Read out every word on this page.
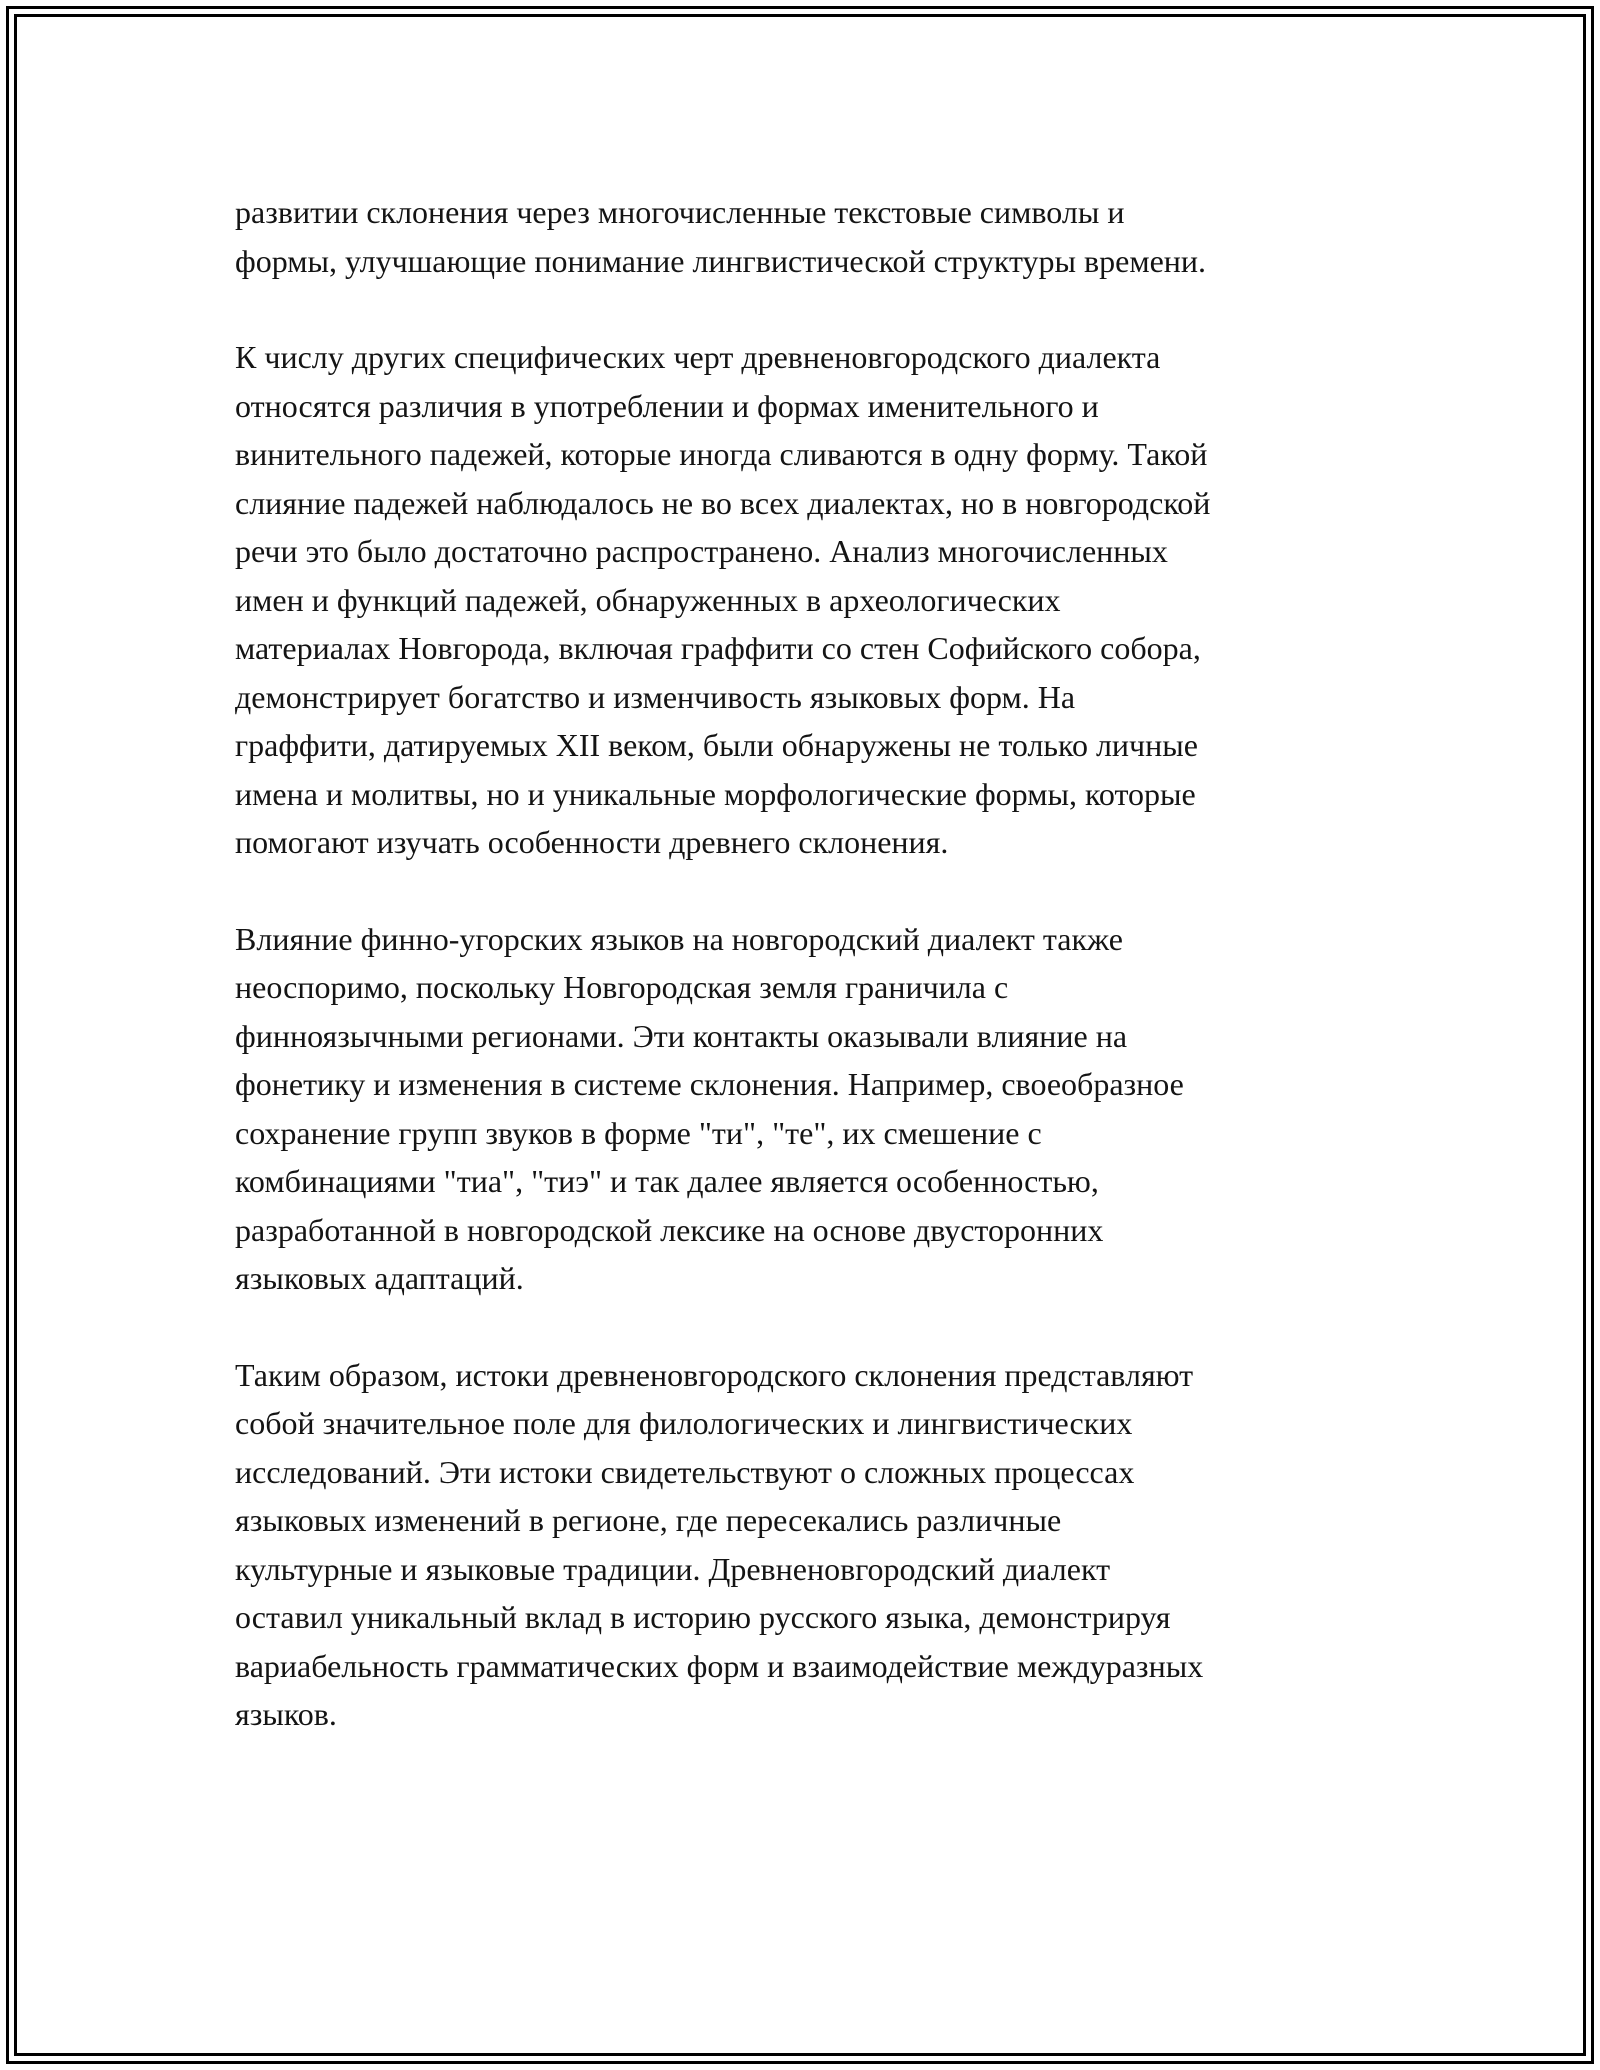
развитии склонения через многочисленные текстовые символы и
формы, улучшающие понимание лингвистической структуры времени.

К числу других специфических черт древненовгородского диалекта
относятся различия в употреблении и формах именительного и
винительного падежей, которые иногда сливаются в одну форму. Такой
слияние падежей наблюдалось не во всех диалектах, но в новгородской
речи это было достаточно распространено. Анализ многочисленных
имен и функций падежей, обнаруженных в археологических
материалах Новгорода, включая граффити со стен Софийского собора,
демонстрирует богатство и изменчивость языковых форм. На
граффити, датируемых XII веком, были обнаружены не только личные
имена и молитвы, но и уникальные морфологические формы, которые
помогают изучать особенности древнего склонения.

Влияние финно-угорских языков на новгородский диалект также
неоспоримо, поскольку Новгородская земля граничила с
финноязычными регионами. Эти контакты оказывали влияние на
фонетику и изменения в системе склонения. Например, своеобразное
сохранение групп звуков в форме "ти", "те", их смешение с
комбинациями "тиа", "тиэ" и так далее является особенностью,
разработанной в новгородской лексике на основе двусторонних
языковых адаптаций.

Таким образом, истоки древненовгородского склонения представляют
собой значительное поле для филологических и лингвистических
исследований. Эти истоки свидетельствуют о сложных процессах
языковых изменений в регионе, где пересекались различные
культурные и языковые традиции. Древненовгородский диалект
оставил уникальный вклад в историю русского языка, демонстрируя
вариабельность грамматических форм и взаимодействие междуразных
языков.
